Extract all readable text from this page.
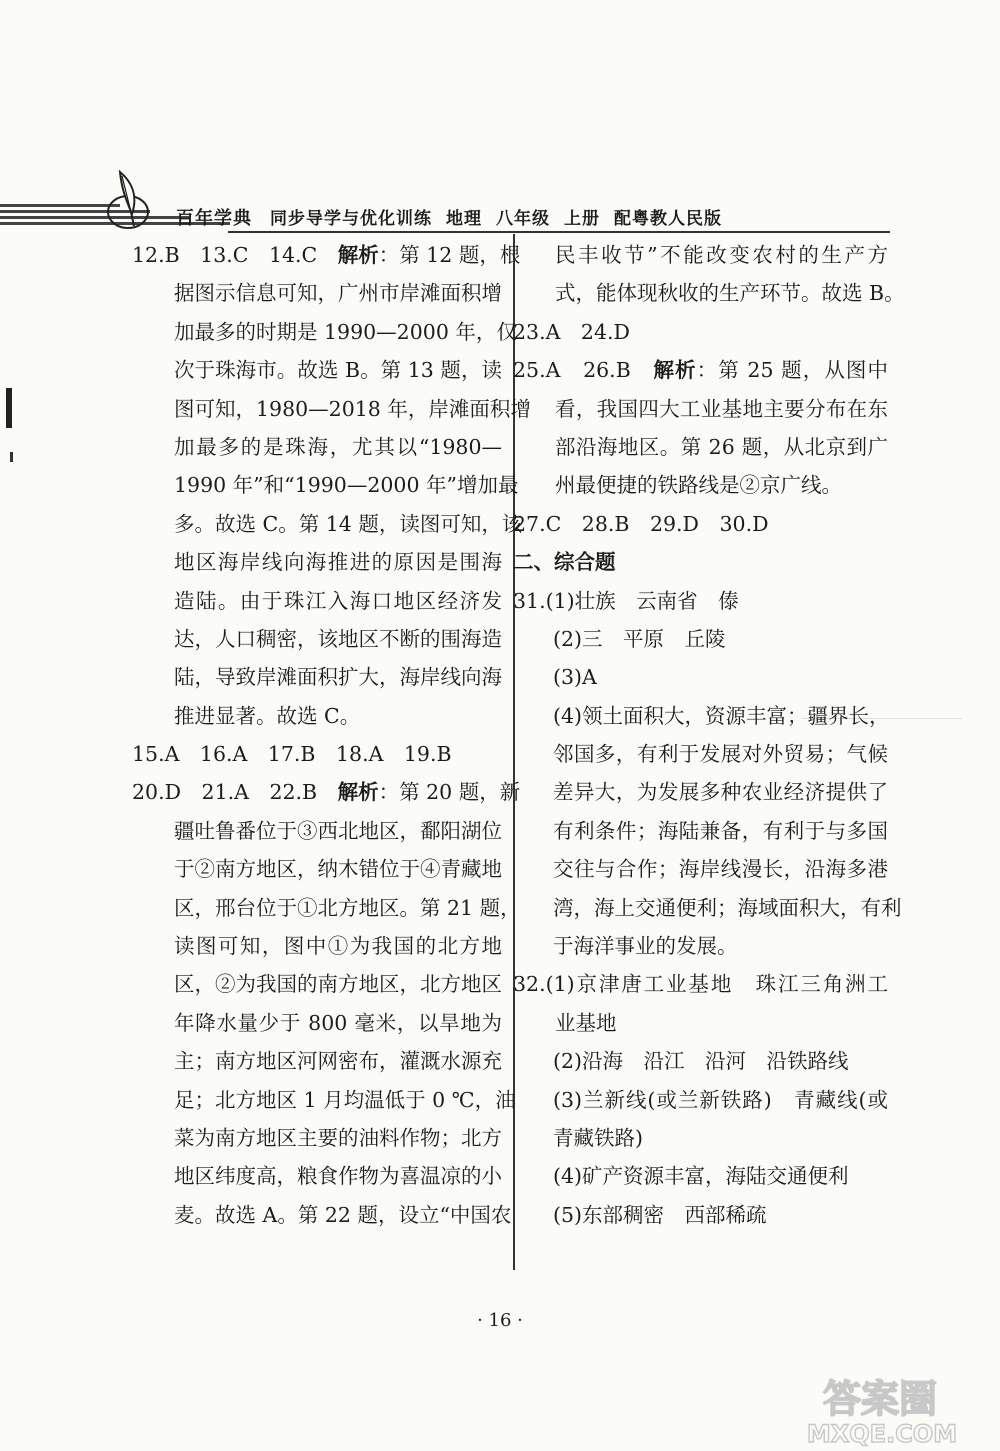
百年学典 同步导学与优化训练 地理 八年级 上册 配粤教人民版
12.B　13.C　14.C　解析：第 12 题，根
据图示信息可知，广州市岸滩面积增
加最多的时期是 1990—2000 年，仅
次于珠海市。故选 B。第 13 题，读
图可知，1980—2018 年，岸滩面积增
加最多的是珠海，尤其以“1980—
1990 年”和“1990—2000 年”增加最
多。故选 C。第 14 题，读图可知，该
地区海岸线向海推进的原因是围海
造陆。由于珠江入海口地区经济发
达，人口稠密，该地区不断的围海造
陆，导致岸滩面积扩大，海岸线向海
推进显著。故选 C。
15.A　16.A　17.B　18.A　19.B
20.D　21.A　22.B　解析：第 20 题，新
疆吐鲁番位于③西北地区，鄱阳湖位
于②南方地区，纳木错位于④青藏地
区，邢台位于①北方地区。第 21 题，
读图可知，图中①为我国的北方地
区，②为我国的南方地区，北方地区
年降水量少于 800 毫米，以旱地为
主；南方地区河网密布，灌溉水源充
足；北方地区 1 月均温低于 0 ℃，油
菜为南方地区主要的油料作物；北方
地区纬度高，粮食作物为喜温凉的小
麦。故选 A。第 22 题，设立“中国农
民丰收节”不能改变农村的生产方
式，能体现秋收的生产环节。故选 B。
23.A　24.D
25.A　26.B　解析：第 25 题，从图中
看，我国四大工业基地主要分布在东
部沿海地区。第 26 题，从北京到广
州最便捷的铁路线是②京广线。
27.C　28.B　29.D　30.D
二、综合题
31.(1)壮族　云南省　傣
(2)三　平原　丘陵
(3)A
(4)领土面积大，资源丰富；疆界长，
邻国多，有利于发展对外贸易；气候
差异大，为发展多种农业经济提供了
有利条件；海陆兼备，有利于与多国
交往与合作；海岸线漫长，沿海多港
湾，海上交通便利；海域面积大，有利
于海洋事业的发展。
32.(1)京津唐工业基地　珠江三角洲工
业基地
(2)沿海　沿江　沿河　沿铁路线
(3)兰新线(或兰新铁路)　青藏线(或
青藏铁路)
(4)矿产资源丰富，海陆交通便利
(5)东部稠密　西部稀疏
· 16 ·
答案圈
MXQE.COM
